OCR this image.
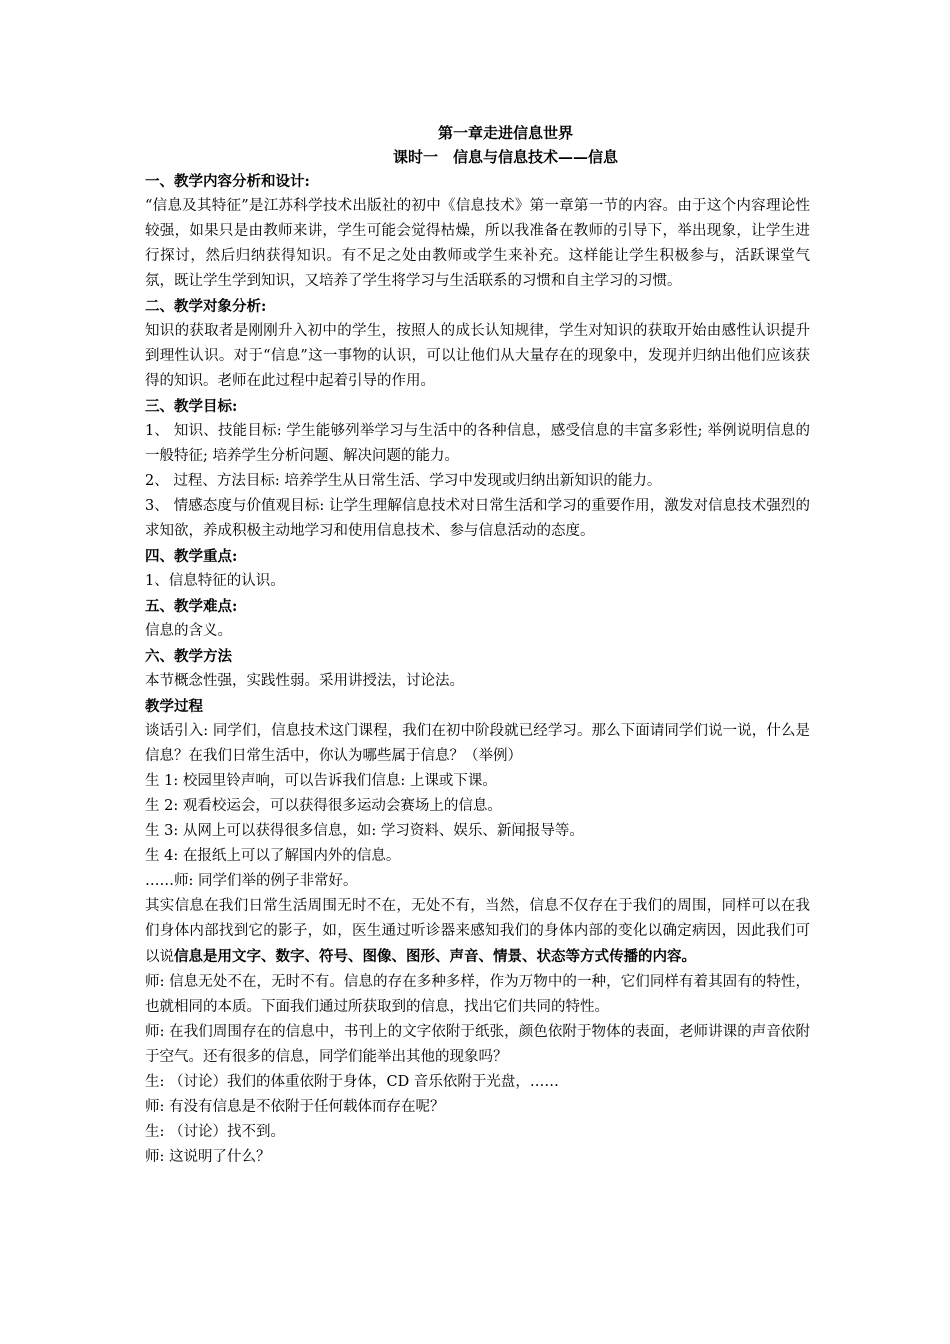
第一章走进信息世界

课时一　信息与信息技术——信息

一、教学内容分析和设计:

“信息及其特征”是江苏科学技术出版社的初中《信息技术》第一章第一节的内容。由于这个内容理论性较强，如果只是由教师来讲，学生可能会觉得枯燥，所以我准备在教师的引导下，举出现象，让学生进行探讨，然后归纳获得知识。有不足之处由教师或学生来补充。这样能让学生积极参与，活跃课堂气氛，既让学生学到知识，又培养了学生将学习与生活联系的习惯和自主学习的习惯。

二、教学对象分析:

知识的获取者是刚刚升入初中的学生，按照人的成长认知规律，学生对知识的获取开始由感性认识提升到理性认识。对于“信息”这一事物的认识，可以让他们从大量存在的现象中，发现并归纳出他们应该获得的知识。老师在此过程中起着引导的作用。

三、教学目标:

1、 知识、技能目标: 学生能够列举学习与生活中的各种信息，感受信息的丰富多彩性; 举例说明信息的一般特征; 培养学生分析问题、解决问题的能力。

2、 过程、方法目标: 培养学生从日常生活、学习中发现或归纳出新知识的能力。

3、 情感态度与价值观目标: 让学生理解信息技术对日常生活和学习的重要作用，激发对信息技术强烈的求知欲，养成积极主动地学习和使用信息技术、参与信息活动的态度。

四、教学重点:

1、信息特征的认识。

五、教学难点:

信息的含义。

六、教学方法

本节概念性强，实践性弱。采用讲授法，讨论法。

教学过程

谈话引入: 同学们，信息技术这门课程，我们在初中阶段就已经学习。那么下面请同学们说一说，什么是信息？在我们日常生活中，你认为哪些属于信息？（举例）

生 1: 校园里铃声响，可以告诉我们信息: 上课或下课。

生 2: 观看校运会，可以获得很多运动会赛场上的信息。

生 3: 从网上可以获得很多信息，如: 学习资料、娱乐、新闻报导等。

生 4: 在报纸上可以了解国内外的信息。

……师: 同学们举的例子非常好。

其实信息在我们日常生活周围无时不在，无处不有，当然，信息不仅存在于我们的周围，同样可以在我们身体内部找到它的影子，如，医生通过听诊器来感知我们的身体内部的变化以确定病因，因此我们可以说信息是用文字、数字、符号、图像、图形、声音、情景、状态等方式传播的内容。

师: 信息无处不在，无时不有。信息的存在多种多样，作为万物中的一种，它们同样有着其固有的特性，也就相同的本质。下面我们通过所获取到的信息，找出它们共同的特性。

师: 在我们周围存在的信息中，书刊上的文字依附于纸张，颜色依附于物体的表面，老师讲课的声音依附于空气。还有很多的信息，同学们能举出其他的现象吗？

生: （讨论）我们的体重依附于身体，CD 音乐依附于光盘，……

师: 有没有信息是不依附于任何载体而存在呢？

生: （讨论）找不到。

师: 这说明了什么？
